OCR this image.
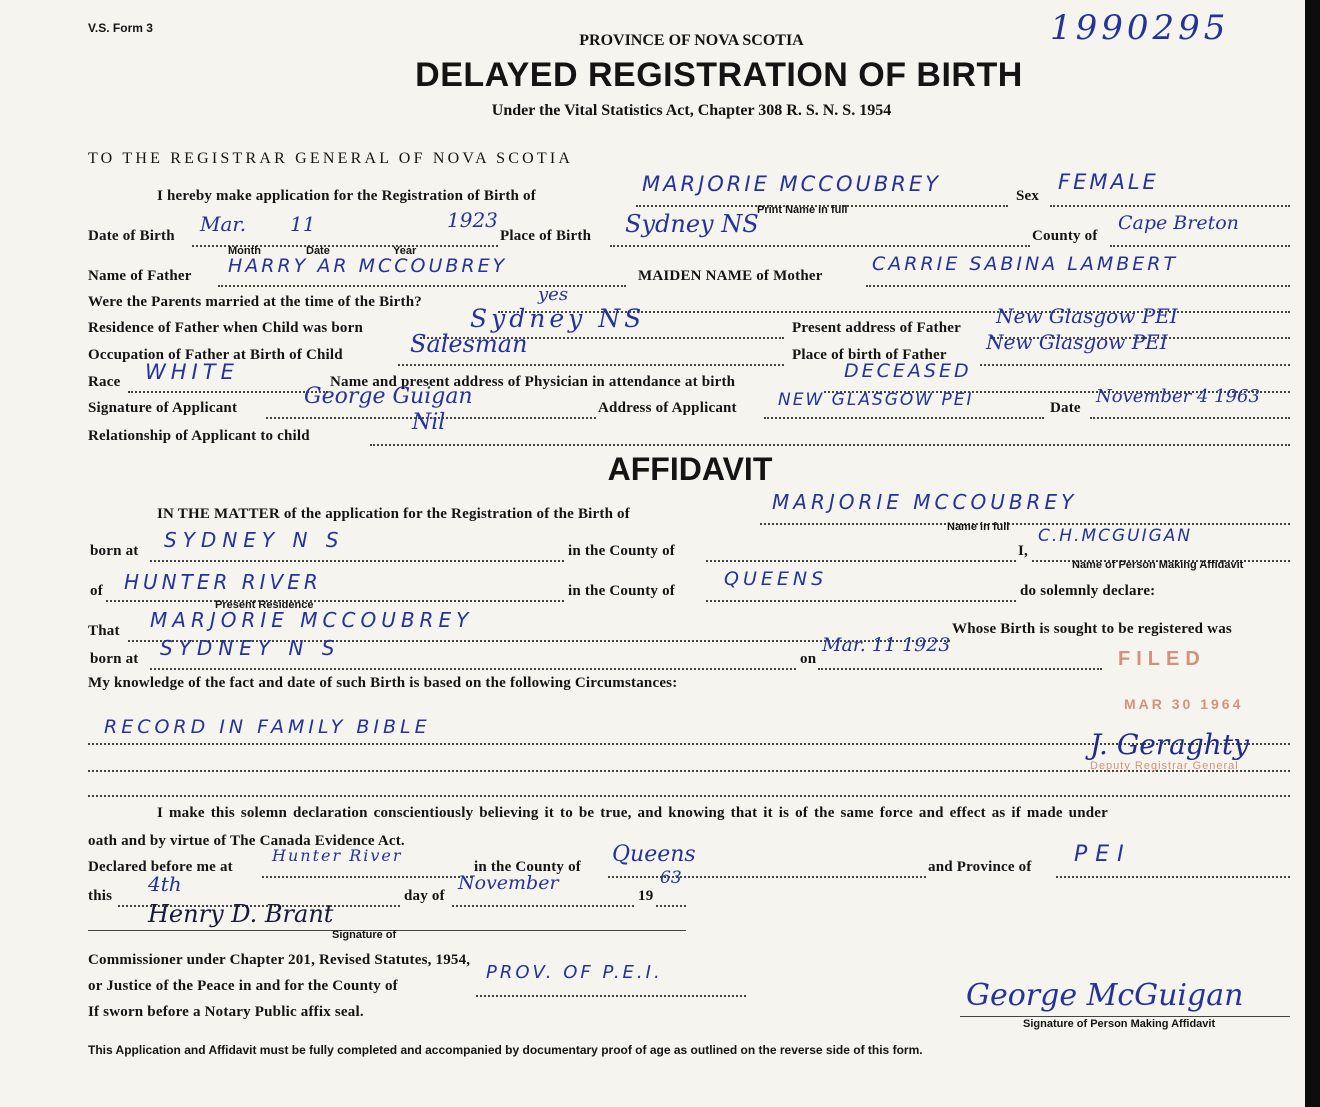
V.S. Form 3	1990295
PROVINCE OF NOVA SCOTIA
DELAYED REGISTRATION OF BIRTH
Under the Vital Statistics Act, Chapter 308 R. S. N. S. 1954
TO THE REGISTRAR GENERAL OF NOVA SCOTIA
I hereby make application for the Registration of Birth of	MARJORIE MCCOUBREY	Sex
FEMALE
Print Name in full
Date of Birth Mar. 11	1923
Place of Birth Sydney NS	County of
Cape Breton
Month	Date	Year
Name of Father HARRY AR MCCOUBREY	MAIDEN NAME of Mother
CARRIE SABINA LAMBERT
Were the Parents married at the time of the Birth?	yes
Residence of Father when Child was born	Sydney NS	Present address of Father New Glasgow PEI
Occupation of Father at Birth of Child	Salesman	Place of birth of Father
New Glasgow PEI
Race WHITE	Name and present address of Physician in attendance at birth	DECEASED
Signature of Applicant	George Guigan	Address of Applicant NEW GLASGOW PEI	Date
November 4 1963
Relationship of Applicant to child
Nil
AFFIDAVIT
IN THE MATTER of the application for the Registration of the Birth of	MARJORIE MCCOUBREY
Name in full
born at SYDNEY N S	in the County of	I,
C.H.MCGUIGAN
Name of Person Making Affidavit
of HUNTER RIVER	in the County of
QUEENS
do solemnly declare:
Present Residence
That MARJORIE MCCOUBREY	Whose Birth is sought to be registered was
born at SYDNEY N S	on
Mar. 11 1923
My knowledge of the fact and date of such Birth is based on the following Circumstances:
RECORD IN FAMILY BIBLE
FILED
MAR 30 1964
J. Geraghty
Deputy Registrar General
I make this solemn declaration conscientiously believing it to be true, and knowing that it is of the same force and effect as if made under
oath and by virtue of The Canada Evidence Act.
Declared before me at
Hunter River
in the County of Queens	and Province of PEI
this 4th	day of
November
19
63
Henry D. Brant
Signature of
Commissioner under Chapter 201, Revised Statutes, 1954,
or Justice of the Peace in and for the County of
PROV. OF P.E.I.
If sworn before a Notary Public affix seal.	George McGuigan
Signature of Person Making Affidavit
This Application and Affidavit must be fully completed and accompanied by documentary proof of age as outlined on the reverse side of this form.
